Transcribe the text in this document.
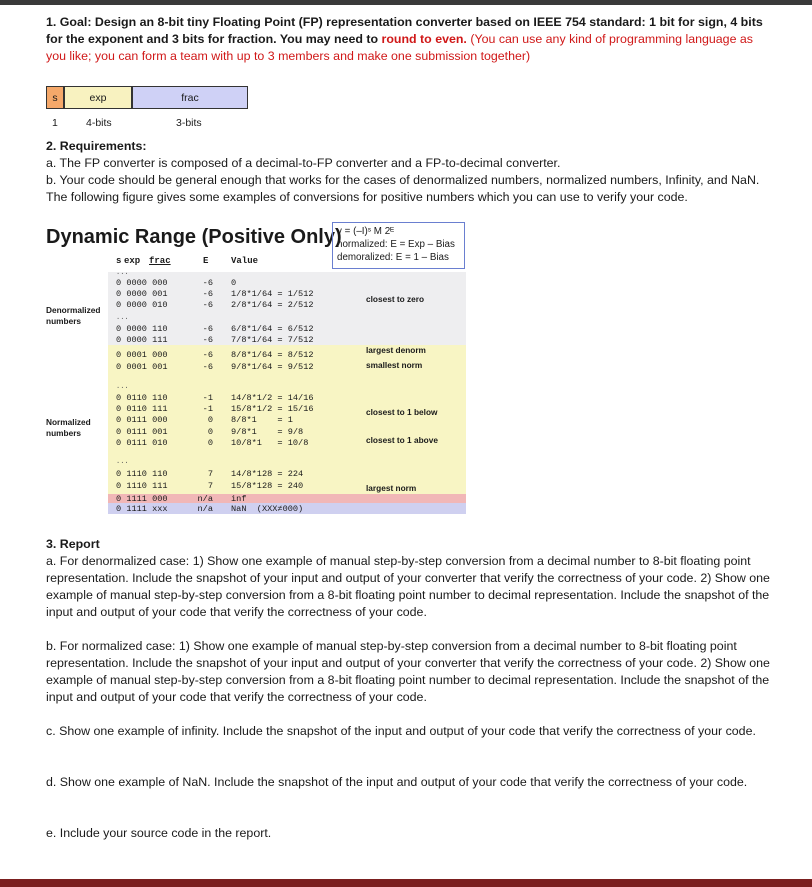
1. Goal: Design an 8-bit tiny Floating Point (FP) representation converter based on IEEE 754 standard: 1 bit for sign, 4 bits for the exponent and 3 bits for fraction. You may need to round to even. (You can use any kind of programming language as you like; you can form a team with up to 3 members and make one submission together)

s	exp	frac
1	4-bits	3-bits

2. Requirements:

a. The FP converter is composed of a decimal-to-FP converter and a FP-to-decimal converter.

b. Your code should be general enough that works for the cases of denormalized numbers, normalized numbers, Infinity, and NaN. The following figure gives some examples of conversions for positive numbers which you can use to verify your code.

Dynamic Range (Positive Only)
v = (–I)ˢ M 2ᴱ
normalized: E = Exp – Bias
demoralized: E = 1 – Bias
s exp frac	E	Value
Denormalized
numbers
Normalized
numbers
...
...
...
...
0 0000 000	-6 0
0 0000 001	-6 1/8*1/64 = 1/512
0 0000 010	-6 2/8*1/64 = 2/512
0 0000 110	-6 6/8*1/64 = 6/512
0 0000 111	-6 7/8*1/64 = 7/512
0 0001 000	-6 8/8*1/64 = 8/512
0 0001 001	-6 9/8*1/64 = 9/512
0 0110 110	-1 14/8*1/2 = 14/16
0 0110 111	-1 15/8*1/2 = 15/16
0 0111 000	0 8/8*1    = 1
0 0111 001	0 9/8*1    = 9/8
0 0111 010	0 10/8*1   = 10/8
0 1110 110	7 14/8*128 = 224
0 1110 111	7 15/8*128 = 240
0 1111 000	n/a inf
0 1111 xxx	n/a NaN  (XXX≠000)
closest to zero
largest denorm
smallest norm
closest to 1 below
closest to 1 above
largest norm

3. Report

a. For denormalized case: 1) Show one example of manual step-by-step conversion from a decimal number to 8-bit floating point representation. Include the snapshot of your input and output of your converter that verify the correctness of your code. 2) Show one example of manual step-by-step conversion from a 8-bit floating point number to decimal representation. Include the snapshot of the input and output of your code that verify the correctness of your code.

b. For normalized case: 1) Show one example of manual step-by-step conversion from a decimal number to 8-bit floating point representation. Include the snapshot of your input and output of your converter that verify the correctness of your code. 2) Show one example of manual step-by-step conversion from a 8-bit floating point number to decimal representation. Include the snapshot of the input and output of your code that verify the correctness of your code.

c. Show one example of infinity. Include the snapshot of the input and output of your code that verify the correctness of your code.

d. Show one example of NaN. Include the snapshot of the input and output of your code that verify the correctness of your code.

e. Include your source code in the report.
